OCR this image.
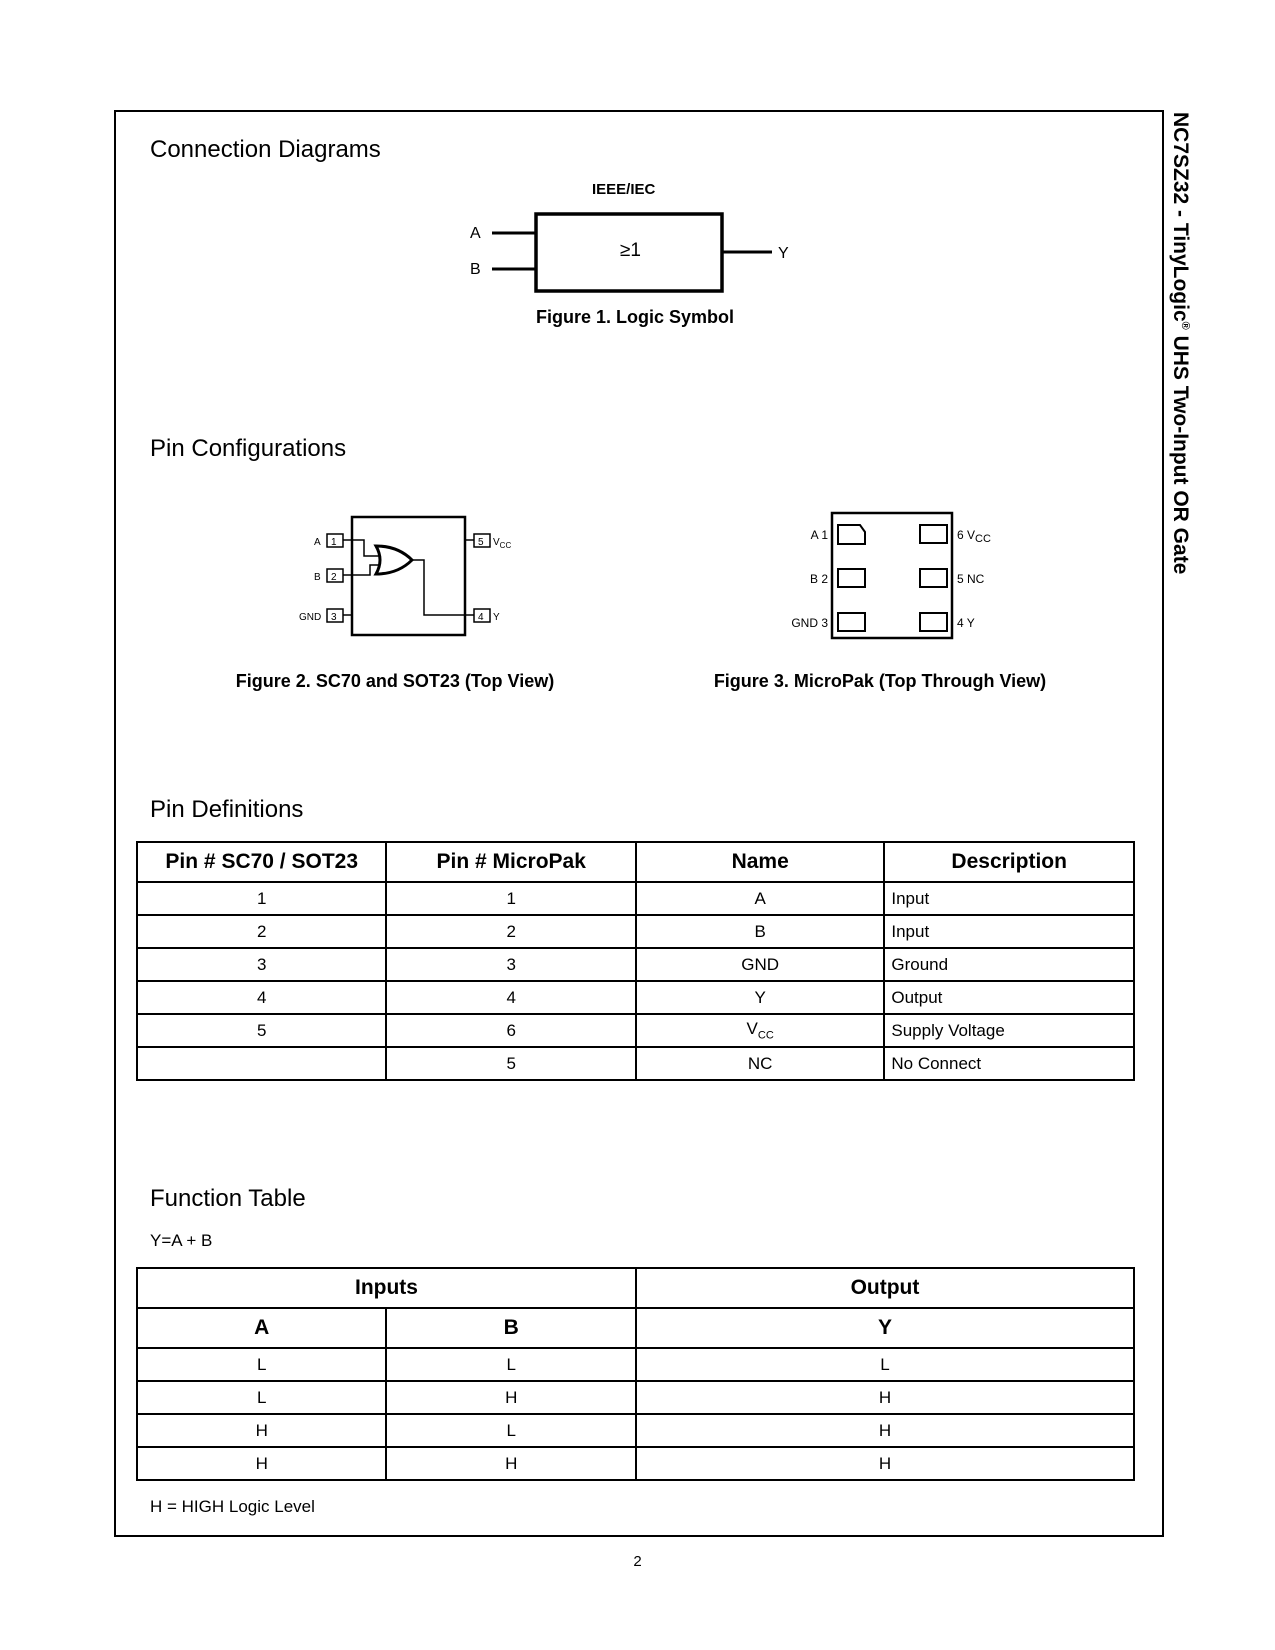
NC7SZ32 - TinyLogic® UHS Two-Input OR Gate
Connection Diagrams
IEEE/IEC
A
B
≥1	Y
Figure 1. Logic Symbol
Pin Configurations
1
2
3
5
4
A
B
GND
$V_{CC}$
Y
Figure 2. SC70 and SOT23 (Top View)
A 1
B 2
GND 3
6 VCC
5 NC
4 Y
Figure 3. MicroPak (Top Through View)
Pin Definitions
Pin # SC70 / SOT23	Pin # MicroPak	Name	Description
1	1	A	Input
2	2	B	Input
3	3	GND	Ground
4	4	Y	Output
5	6	$V_{CC}$	Supply Voltage
	5	NC	No Connect
Function Table
Y=A + B
Inputs		Output
A	B	Y
L	L	L
L	H	H
H	L	H
H	H	H
H = HIGH Logic Level
2
